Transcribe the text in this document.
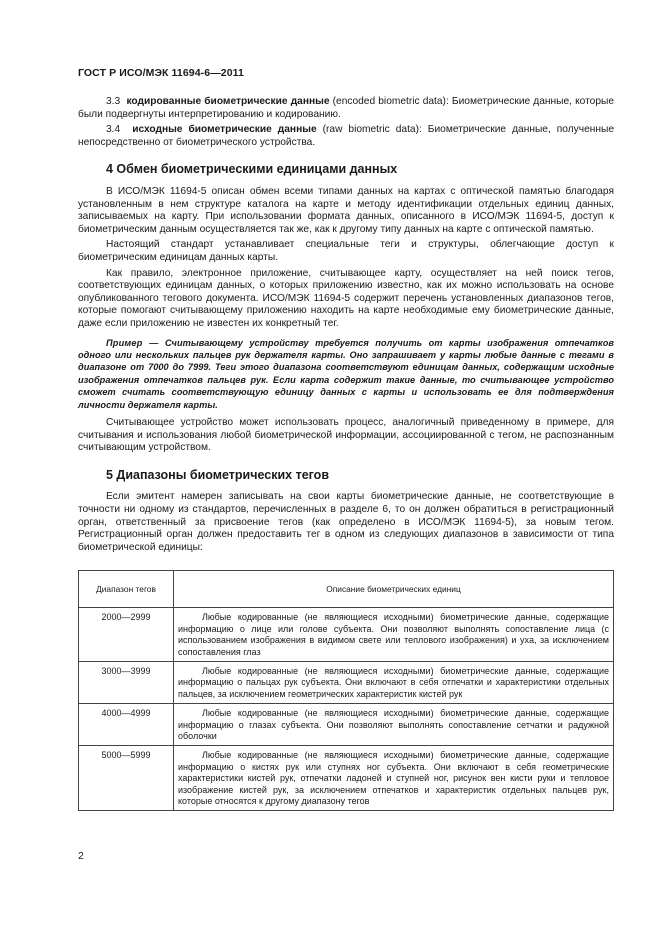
ГОСТ Р ИСО/МЭК 11694-6—2011

3.3 кодированные биометрические данные (encoded biometric data): Биометрические данные, которые были подвергнуты интерпретированию и кодированию.

3.4 исходные биометрические данные (raw biometric data): Биометрические данные, полученные непосредственно от биометрического устройства.

4 Обмен биометрическими единицами данных

В ИСО/МЭК 11694-5 описан обмен всеми типами данных на картах с оптической памятью благодаря установленным в нем структуре каталога на карте и методу идентификации отдельных единиц данных, записываемых на карту. При использовании формата данных, описанного в ИСО/МЭК 11694-5, доступ к биометрическим данным осуществляется так же, как к другому типу данных на карте с оптической памятью.

Настоящий стандарт устанавливает специальные теги и структуры, облегчающие доступ к биометрическим единицам данных карты.

Как правило, электронное приложение, считывающее карту, осуществляет на ней поиск тегов, соответствующих единицам данных, о которых приложению известно, как их можно использовать на основе опубликованного тегового документа. ИСО/МЭК 11694-5 содержит перечень установленных диапазонов тегов, которые помогают считывающему приложению находить на карте необходимые ему биометрические данные, даже если приложению не известен их конкретный тег.

Пример — Считывающему устройству требуется получить от карты изображения отпечатков одного или нескольких пальцев рук держателя карты. Оно запрашивает у карты любые данные с тегами в диапазоне от 7000 до 7999. Теги этого диапазона соответствуют единицам данных, содержащим исходные изображения отпечатков пальцев рук. Если карта содержит такие данные, то считывающее устройство сможет считать соответствующую единицу данных с карты и использовать ее для подтверждения личности держателя карты.

Считывающее устройство может использовать процесс, аналогичный приведенному в примере, для считывания и использования любой биометрической информации, ассоциированной с тегом, не распознанным считывающим устройством.

5 Диапазоны биометрических тегов

Если эмитент намерен записывать на свои карты биометрические данные, не соответствующие в точности ни одному из стандартов, перечисленных в разделе 6, то он должен обратиться в регистрационный орган, ответственный за присвоение тегов (как определено в ИСО/МЭК 11694-5), за новым тегом. Регистрационный орган должен предоставить тег в одном из следующих диапазонов в зависимости от типа биометрической единицы:

Диапазон тегов	Описание биометрических единиц
2000—2999	Любые кодированные (не являющиеся исходными) биометрические данные, содержащие информацию о лице или голове субъекта. Они позволяют выполнять сопоставление лица (с использованием изображения в видимом свете или теплового изображения) и уха, за исключением сопоставления глаз
3000—3999	Любые кодированные (не являющиеся исходными) биометрические данные, содержащие информацию о пальцах рук субъекта. Они включают в себя отпечатки и характеристики отдельных пальцев, за исключением геометрических характеристик кистей рук
4000—4999	Любые кодированные (не являющиеся исходными) биометрические данные, содержащие информацию о глазах субъекта. Они позволяют выполнять сопоставление сетчатки и радужной оболочки
5000—5999	Любые кодированные (не являющиеся исходными) биометрические данные, содержащие информацию о кистях рук или ступнях ног субъекта. Они включают в себя геометрические характеристики кистей рук, отпечатки ладоней и ступней ног, рисунок вен кисти руки и тепловое изображение кистей рук, за исключением отпечатков и характеристик отдельных пальцев рук, которые относятся к другому диапазону тегов
2
